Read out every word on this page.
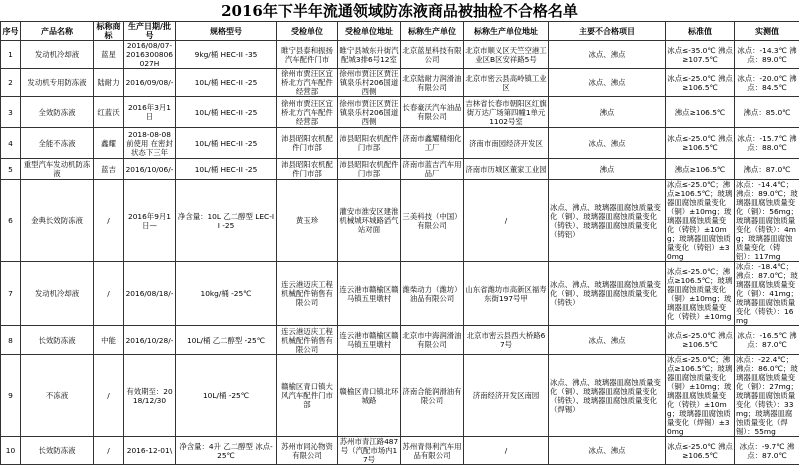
2016年下半年流通领域防冻液商品被抽检不合格名单
序号	产品名称	标称商标	生产日期/批号	规格型号	受检单位	受检单位地址	标称生产单位	标称生产单位地址	主要不合格项目	标准值	实测值
1	发动机冷却液	蓝星	2016/08/07-2016300806027H	9kg/桶 HEC-II -35	睢宁县泰和振扬汽车配件门市	睢宁县城东升街汽配城3排6号12室	北京蓝星科技有限公司	北京市顺义区天竺空港工业区B区安祥路5号	冰点、沸点	冰点≤-35.0℃ 沸点≥107.5℃	冰点：-14.3℃ 沸点：89.0℃
2	发动机专用防冻液	陆耐力	2016/09/08/-	10L/桶 HEC-II -25	徐州市贾汪区宜桥北方汽车配件经营部	徐州市贾汪区贾汪镇泉乐村206国道西侧	北京陆耐力润滑油有限公司	北京市密云县高岭镇工业区	冰点、沸点	冰点≤-25.0℃ 沸点≥106.5℃	冰点：-20.0℃ 沸点：84.5℃
3	全效防冻液	红蓝沃	2016年3月1日	10L/桶 HEC-II -25	徐州市贾汪区宜桥北方汽车配件经营部	徐州市贾汪区贾汪镇泉乐村206国道西侧	长春豪沃汽车油品有限公司	吉林省长春市朝阳区红旗街万达广场第四幢1单元1102号室	沸点	沸点≥106.5℃	沸点：85.0℃
4	全能不冻液	鑫耀	2018-08-08 前使用 在密封状态下三年	10L/桶 HEC-II -25	沛县昭阳农机配件门市部	沛县昭阳农机配件门市部	济南市鑫耀精细化工厂	济南市南园经济开发区	冰点、沸点	冰点≤-25.0℃ 沸点≥106.5℃	冰点：-15.7℃ 沸点：88.0℃
5	重型汽车发动机防冻液	蓝吉	2016/10/06/-	10L/桶 HEC-II -25	沛县昭阳农机配件门市部	沛县昭阳农机配件门市部	济南市蓝吉汽车用品厂	济南市历城区董家工业园	沸点	沸点≥106.5℃	沸点：87.0℃
6	金典长效防冻液	/	2016年9月1日—	净含量：10L 乙二醇型 LEC-II -25	黄玉珍	灌安市淮安区建淮机械城环城路滔气站对面	三美科技（中国）有限公司	/	冰点、沸点、玻璃器皿腐蚀质量变化（铜）、玻璃器皿腐蚀质量变化（铸铁）、玻璃器皿腐蚀质量变化（铸铝）	冰点≤-25.0℃；沸点≥106.5℃；玻璃器皿腐蚀质量变化（铜）±10mg；玻璃器皿腐蚀质量变化（铸铁）±10mg；玻璃器皿腐蚀质量变化（铸铝）±30mg	冰点：-14.4℃；沸点：89.0℃；玻璃器皿腐蚀质量变化（铜）：56mg；玻璃器皿腐蚀质量变化（铸铁）：4mg；玻璃器皿腐蚀质量变化（铸铝）：117mg
7	发动机冷却液	/	2016/08/18/-	10kg/桶 -25℃	连云港迈庆工程机械配件销售有限公司	连云港市赣榆区赣马镇五里墩村	潍柴动力（潍坊）油品有限公司	山东省潍坊市高新区福寿东街197号甲	冰点、沸点、玻璃器皿腐蚀质量变化（铜）、玻璃器皿腐蚀质量变化（铸铁）	冰点≤-25.0℃；沸点≥106.5℃；玻璃器皿腐蚀质量变化（铜）±10mg；玻璃器皿腐蚀质量变化（铸铁）±10mg	冰点：-18.4℃；沸点：87.0℃；玻璃器皿腐蚀质量变化（铜）：41mg；玻璃器皿腐蚀质量变化（铸铁）：16mg
8	长效防冻液	中能	2016/10/28/-	10L/桶 乙二醇型 -25℃	连云港迈庆工程机械配件销售有限公司	连云港市赣榆区赣马镇五里墩村	北京市中海润滑油有限公司	北京市密云县西大桥路67号	冰点、沸点	冰点≤-25.0℃ 沸点≥106.5℃	冰点：-16.5℃ 沸点：87.0℃
9	不冻液	/	有效期至：2018/12/30	10L/桶 -25℃	赣榆区青口镇大风汽车配件门市部	赣榆区青口镇北环城路	济南合能润滑油有限公司	济南经济开发区南园	冰点、沸点、玻璃器皿腐蚀质量变化（铜）、玻璃器皿腐蚀质量变化（铸铁）、玻璃器皿腐蚀质量变化（焊锡）	冰点≤-25.0℃；沸点≥106.5℃；玻璃器皿腐蚀质量变化（铜）±10mg；玻璃器皿腐蚀质量变化（铸铁）±10mg；玻璃器皿腐蚀质量变化（焊锡）±30mg	冰点：-22.4℃；沸点：86.0℃；玻璃器皿腐蚀质量变化（铜）：27mg；玻璃器皿腐蚀质量变化（铸铁）：33mg；玻璃器皿腐蚀质量变化（焊锡）：55mg
10	长效防冻液	/	2016-12-01\	净含量：4升 乙二醇型 冰点-25℃	苏州市同沁物资有限公司	苏州市青江路487号（汽配市场内17号	苏州青得利汽车用品有限公司	/	冰点、沸点	冰点≤-25.0℃ 沸点≥106.5℃	冰点：-9.7℃ 沸点：87.0℃
